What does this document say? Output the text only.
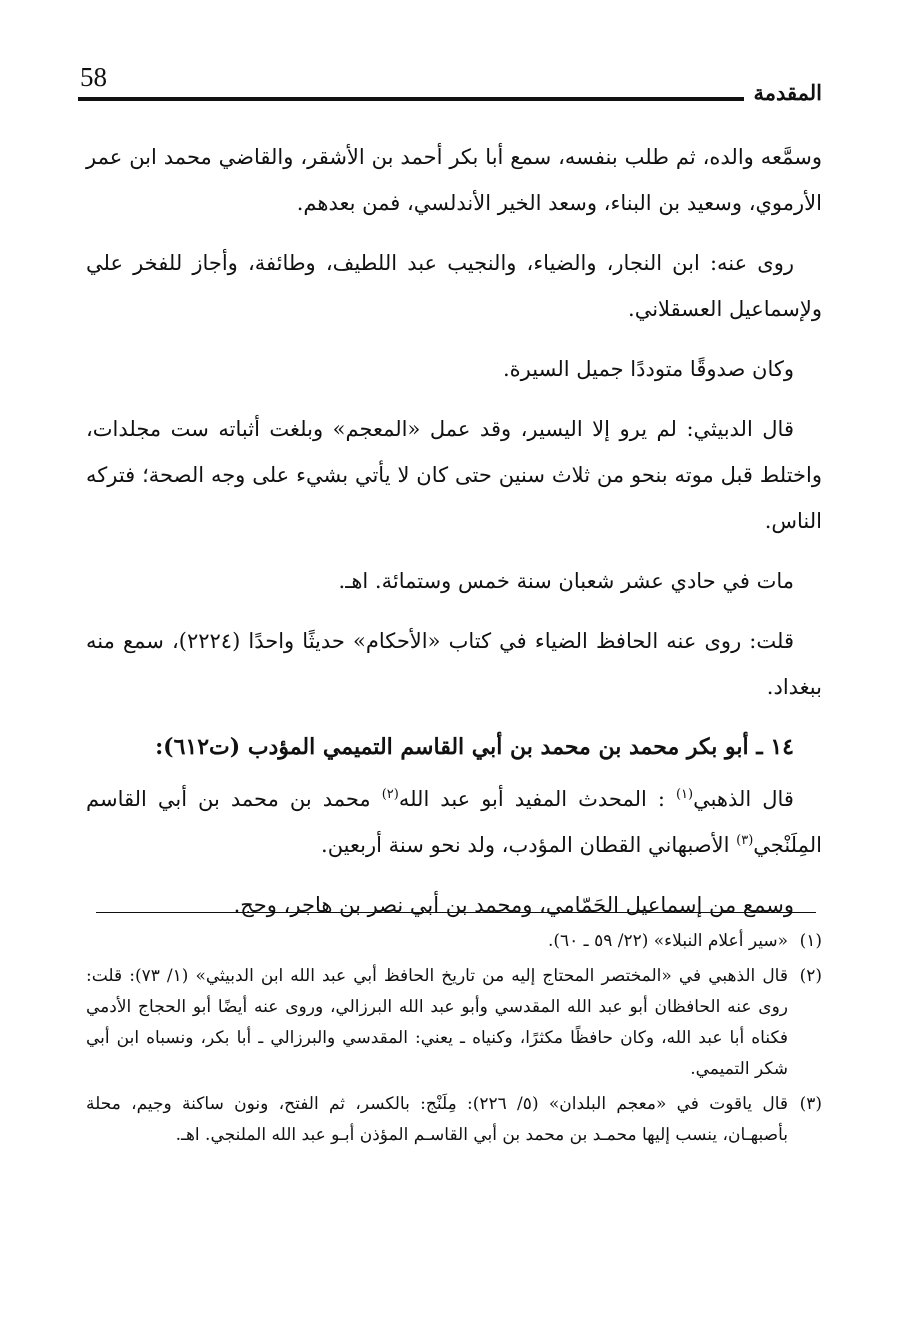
58
المقدمة

وسمَّعه والده، ثم طلب بنفسه، سمع أبا بكر أحمد بن الأشقر، والقاضي محمد ابن عمر الأرموي، وسعيد بن البناء، وسعد الخير الأندلسي، فمن بعدهم.

روى عنه: ابن النجار، والضياء، والنجيب عبد اللطيف، وطائفة، وأجاز للفخر علي ولإسماعيل العسقلاني.

وكان صدوقًا متوددًا جميل السيرة.

قال الدبيثي: لم يرو إلا اليسير، وقد عمل «المعجم» وبلغت أثباته ست مجلدات، واختلط قبل موته بنحو من ثلاث سنين حتى كان لا يأتي بشيء على وجه الصحة؛ فتركه الناس.

مات في حادي عشر شعبان سنة خمس وستمائة. اهـ.

قلت: روى عنه الحافظ الضياء في كتاب «الأحكام» حديثًا واحدًا (٢٢٢٤)، سمع منه ببغداد.

١٤ ـ أبو بكر محمد بن محمد بن أبي القاسم التميمي المؤدب (ت٦١٢):

قال الذهبي$^{(١)}$ : المحدث المفيد أبو عبد الله$^{(٢)}$ محمد بن محمد بن أبي القاسم المِلَنْجي$^{(٣)}$ الأصبهاني القطان المؤدب، ولد نحو سنة أربعين.

وسمع من إسماعيل الحَمّامي، ومحمد بن أبي نصر بن هاجر، وحج.

(١)
«سير أعلام النبلاء» (٢٢/ ٥٩ ـ ٦٠).

(٢)
قال الذهبي في «المختصر المحتاج إليه من تاريخ الحافظ أبي عبد الله ابن الدبيثي» (١/ ٧٣): قلت: روى عنه الحافظان أبو عبد الله المقدسي وأبو عبد الله البرزالي، وروى عنه أيضًا أبو الحجاج الأدمي فكناه أبا عبد الله، وكان حافظًا مكثرًا، وكنياه ـ يعني: المقدسي والبرزالي ـ أبا بكر، ونسباه ابن أبي شكر التميمي.

(٣)
قال ياقوت في «معجم البلدان» (٥/ ٢٢٦): مِلَنْج: بالكسر، ثم الفتح، ونون ساكنة وجيم، محلة بأصبهـان، ينسب إليها محمـد بن محمد بن أبي القاسـم المؤذن أبـو عبد الله الملنجي. اهـ.
